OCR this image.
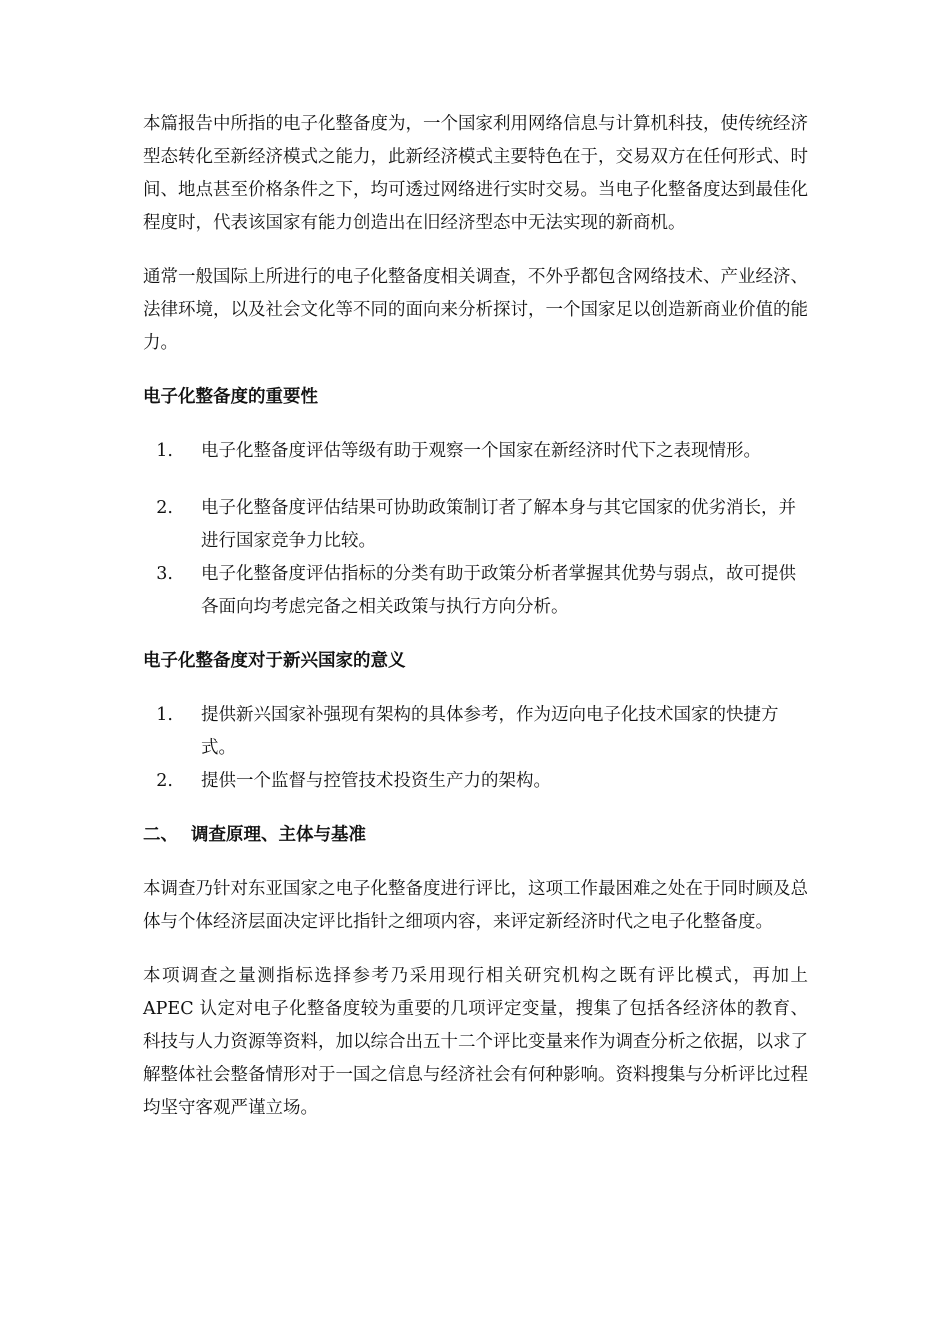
本篇报告中所指的电子化整备度为，一个国家利用网络信息与计算机科技，使传统经济型态转化至新经济模式之能力，此新经济模式主要特色在于，交易双方在任何形式、时间、地点甚至价格条件之下，均可透过网络进行实时交易。当电子化整备度达到最佳化程度时，代表该国家有能力创造出在旧经济型态中无法实现的新商机。

通常一般国际上所进行的电子化整备度相关调查，不外乎都包含网络技术、产业经济、法律环境，以及社会文化等不同的面向来分析探讨，一个国家足以创造新商业价值的能力。

电子化整备度的重要性
1.	电子化整备度评估等级有助于观察一个国家在新经济时代下之表现情形。
2.	电子化整备度评估结果可协助政策制订者了解本身与其它国家的优劣消长，并进行国家竞争力比较。
3.	电子化整备度评估指标的分类有助于政策分析者掌握其优势与弱点，故可提供各面向均考虑完备之相关政策与执行方向分析。
电子化整备度对于新兴国家的意义
1.	提供新兴国家补强现有架构的具体参考，作为迈向电子化技术国家的快捷方式。
2.	提供一个监督与控管技术投资生产力的架构。
二、 调查原理、主体与基准

本调查乃针对东亚国家之电子化整备度进行评比，这项工作最困难之处在于同时顾及总体与个体经济层面决定评比指针之细项内容，来评定新经济时代之电子化整备度。

本项调查之量测指标选择参考乃采用现行相关研究机构之既有评比模式，再加上 APEC 认定对电子化整备度较为重要的几项评定变量，搜集了包括各经济体的教育、科技与人力资源等资料，加以综合出五十二个评比变量来作为调查分析之依据，以求了解整体社会整备情形对于一国之信息与经济社会有何种影响。资料搜集与分析评比过程均坚守客观严谨立场。
